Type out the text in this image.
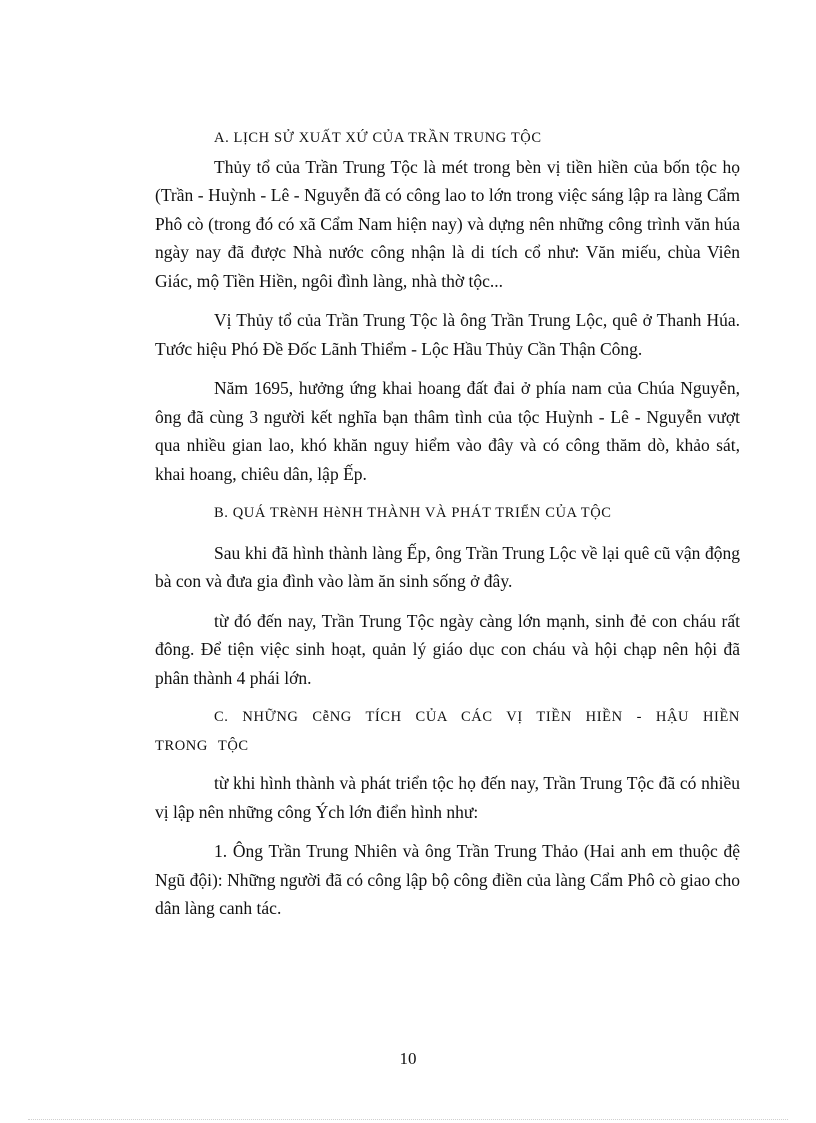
A. LỊCH SỬ XUẤT XỨ CỦA TRẦN TRUNG TỘC

Thủy tổ của Trần Trung Tộc là mét trong bèn vị tiền hiền của bốn tộc họ (Trần - Huỳnh - Lê - Nguyễn đã có công lao to lớn trong việc sáng lập ra làng Cẩm Phô cò (trong đó có xã Cẩm Nam hiện nay) và dựng nên những công trình văn húa ngày nay đã được Nhà nước công nhận là di tích cổ như: Văn miếu, chùa Viên Giác, mộ Tiền Hiền, ngôi đình làng, nhà thờ tộc...

Vị Thủy tổ của Trần Trung Tộc là ông Trần Trung Lộc, quê ở Thanh Húa. Tước hiệu Phó Đề Đốc Lãnh Thiểm - Lộc Hầu Thủy Cần Thận Công.

Năm 1695, hưởng ứng khai hoang đất đai ở phía nam của Chúa Nguyễn, ông đã cùng 3 người kết nghĩa bạn thâm tình của tộc Huỳnh - Lê - Nguyễn vượt qua nhiều gian lao, khó khăn nguy hiểm vào đây và có công thăm dò, khảo sát, khai hoang, chiêu dân, lập Ếp.

B. QUÁ TRèNH HèNH THÀNH VÀ PHÁT TRIỂN CỦA TỘC

Sau khi đã hình thành làng Ếp, ông Trần Trung Lộc về lại quê cũ vận động bà con và đưa gia đình vào làm ăn sinh sống ở đây.

từ đó đến nay, Trần Trung Tộc ngày càng lớn mạnh, sinh đẻ con cháu rất đông. Để tiện việc sinh hoạt, quản lý giáo dục con cháu và hội chạp nên hội đã phân thành 4 phái lớn.

C. NHỮNG CễNG TÍCH CỦA CÁC VỊ TIỀN HIỀN - HẬU HIỀN TRONG TỘC

từ khi hình thành và phát triển tộc họ đến nay, Trần Trung Tộc đã có nhiều vị lập nên những công Ých lớn điển hình như:

1. Ông Trần Trung Nhiên và ông Trần Trung Thảo (Hai anh em thuộc đệ Ngũ đội): Những người đã có công lập bộ công điền của làng Cẩm Phô cò giao cho dân làng canh tác.

10
